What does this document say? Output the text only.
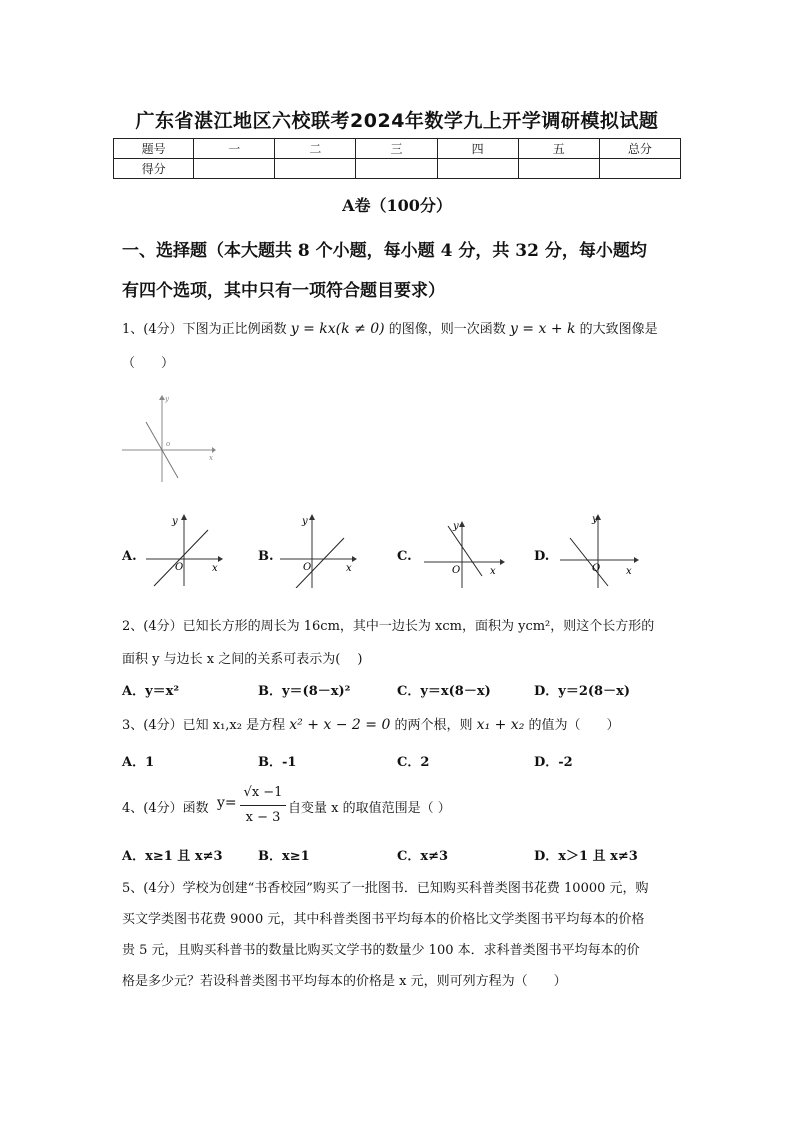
广东省湛江地区六校联考2024年数学九上开学调研模拟试题
题号	一	二	三	四	五	总分
得分						
A卷（100分）
一、选择题（本大题共 8 个小题，每小题 4 分，共 32 分，每小题均
有四个选项，其中只有一项符合题目要求）
1、(4分）下图为正比例函数 y = kx(k ≠ 0) 的图像，则一次函数 y = x + k 的大致图像是
（　　）
y
x
o
A.
y
x
O
B.
y
x
O
C.
y
x
O
D.
y
x
O
2、(4分）已知长方形的周长为 16cm，其中一边长为 xcm，面积为 ycm²，则这个长方形的
面积 y 与边长 x 之间的关系可表示为(　 )
A．y＝x²	B．y＝(8－x)²	C．y＝x(8－x)	D．y＝2(8－x)
3、(4分）已知 x₁,x₂ 是方程 x² + x − 2 = 0 的两个根，则 x₁ + x₂ 的值为（　　）
A．1	B．-1	C．2	D．-2
4、(4分）函数 y=
√x −1
x − 3
自变量 x 的取值范围是（ ）
A．x≥1 且 x≠3	B．x≥1	C．x≠3	D．x＞1 且 x≠3
5、(4分）学校为创建“书香校园”购买了一批图书．已知购买科普类图书花费 10000 元，购
买文学类图书花费 9000 元，其中科普类图书平均每本的价格比文学类图书平均每本的价格
贵 5 元，且购买科普书的数量比购买文学书的数量少 100 本．求科普类图书平均每本的价
格是多少元？若设科普类图书平均每本的价格是 x 元，则可列方程为（　　）
